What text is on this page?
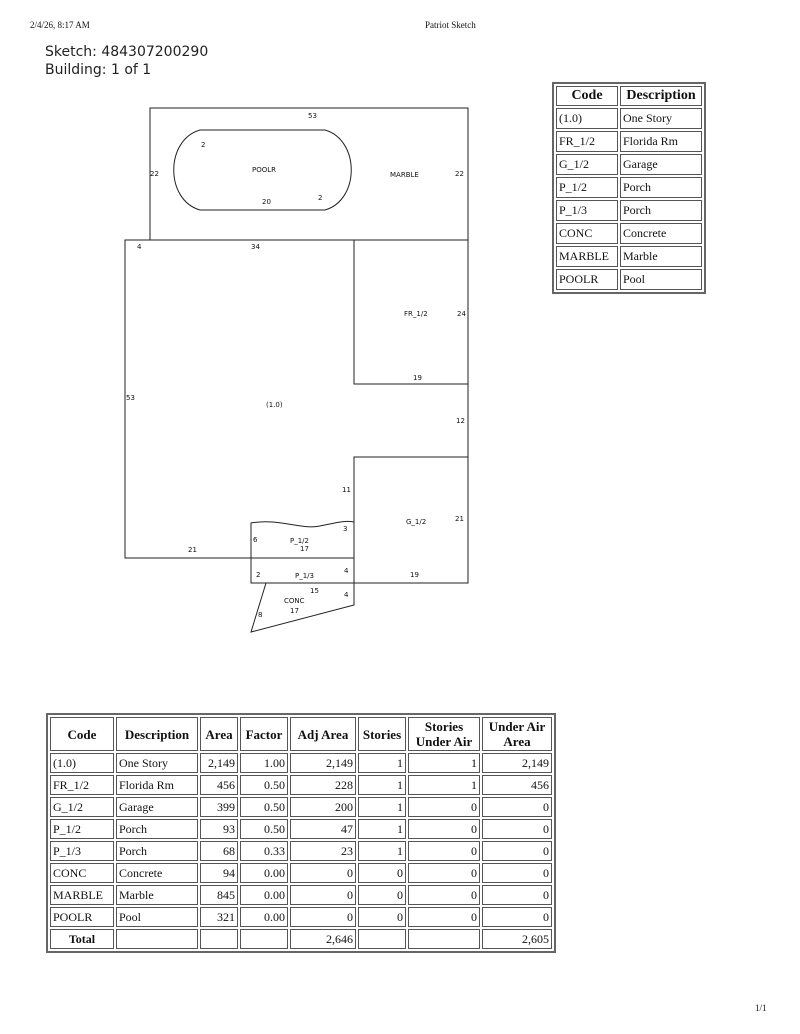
2/4/26, 8:17 AM	Patriot Sketch
Sketch: 484307200290
Building: 1 of 1
POOLR
MARBLE
(1.0)
FR_1/2
G_1/2
P_1/2
P_1/3
CONC
53
22	22
2
2
20
4	34
24
19
53
12
11
21
3
6
17
21
2	4	19
15	4
17
8
Code	Description
(1.0)	One Story
FR_1/2	Florida Rm
G_1/2	Garage
P_1/2	Porch
P_1/3	Porch
CONC	Concrete
MARBLE	Marble
POOLR	Pool
Code	Description	Area	Factor	Adj Area	Stories	Stories Under Air	Under Air Area
(1.0)	One Story	2,149	1.00	2,149	1	1	2,149
FR_1/2	Florida Rm	456	0.50	228	1	1	456
G_1/2	Garage	399	0.50	200	1	0	0
P_1/2	Porch	93	0.50	47	1	0	0
P_1/3	Porch	68	0.33	23	1	0	0
CONC	Concrete	94	0.00	0	0	0	0
MARBLE	Marble	845	0.00	0	0	0	0
POOLR	Pool	321	0.00	0	0	0	0
Total				2,646			2,605
1/1
